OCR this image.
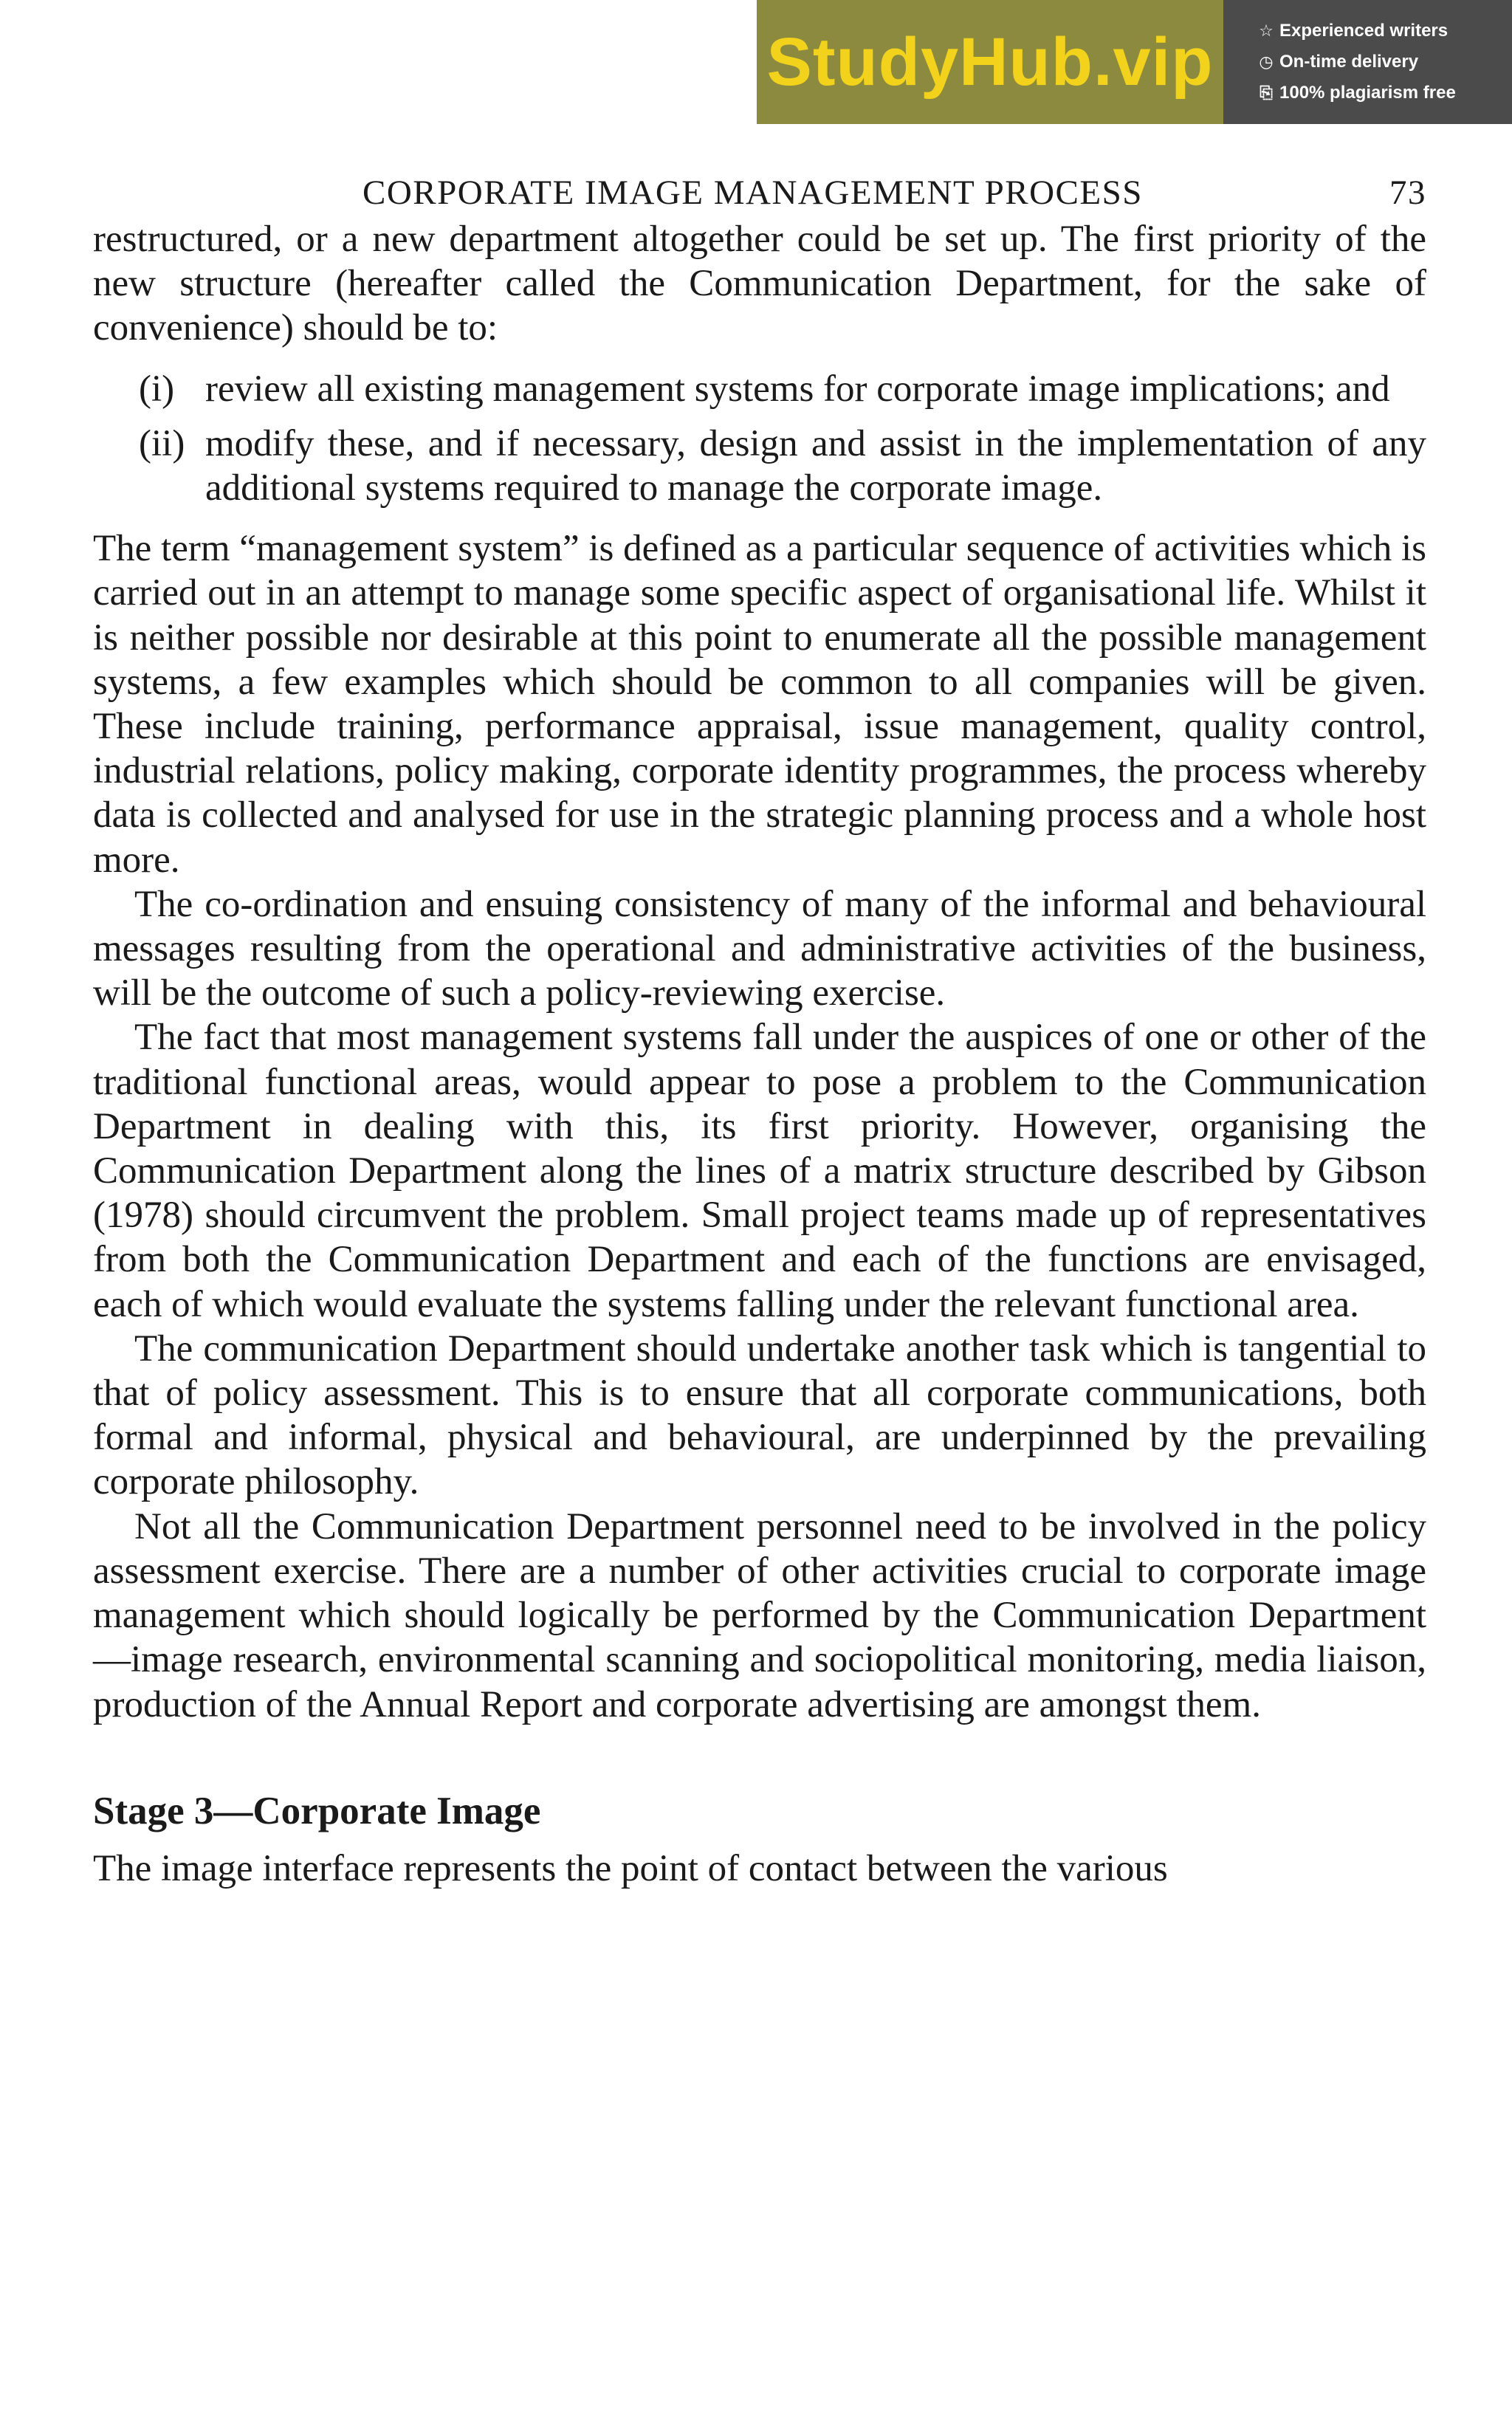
StudyHub.vip	☆ Experienced writers
◷ On-time delivery
⎘ 100% plagiarism free
CORPORATE IMAGE MANAGEMENT PROCESS	73

restructured, or a new department altogether could be set up. The first priority of the new structure (hereafter called the Communication Department, for the sake of convenience) should be to:

(i) review all existing management systems for corporate image implications; and
(ii) modify these, and if necessary, design and assist in the implementation of any additional systems required to manage the corporate image.

The term “management system” is defined as a particular sequence of activities which is carried out in an attempt to manage some specific aspect of organisational life. Whilst it is neither possible nor desirable at this point to enumerate all the possible management systems, a few examples which should be common to all companies will be given. These include training, performance appraisal, issue management, quality control, industrial relations, policy making, corporate identity programmes, the process whereby data is collected and analysed for use in the strategic planning process and a whole host more.

The co-ordination and ensuing consistency of many of the informal and behavioural messages resulting from the operational and administrative activities of the business, will be the outcome of such a policy-reviewing exercise.

The fact that most management systems fall under the auspices of one or other of the traditional functional areas, would appear to pose a problem to the Communication Department in dealing with this, its first priority. However, organising the Communication Department along the lines of a matrix structure described by Gibson (1978) should circumvent the problem. Small project teams made up of representatives from both the Communication Department and each of the functions are envisaged, each of which would evaluate the systems falling under the relevant functional area.

The communication Department should undertake another task which is tangential to that of policy assessment. This is to ensure that all corporate communications, both formal and informal, physical and behavioural, are underpinned by the prevailing corporate philosophy.

Not all the Communication Department personnel need to be involved in the policy assessment exercise. There are a number of other activities crucial to corporate image management which should logically be performed by the Communication Department—image research, environmental scanning and sociopolitical monitoring, media liaison, production of the Annual Report and corporate advertising are amongst them.

Stage 3—Corporate Image

The image interface represents the point of contact between the various
